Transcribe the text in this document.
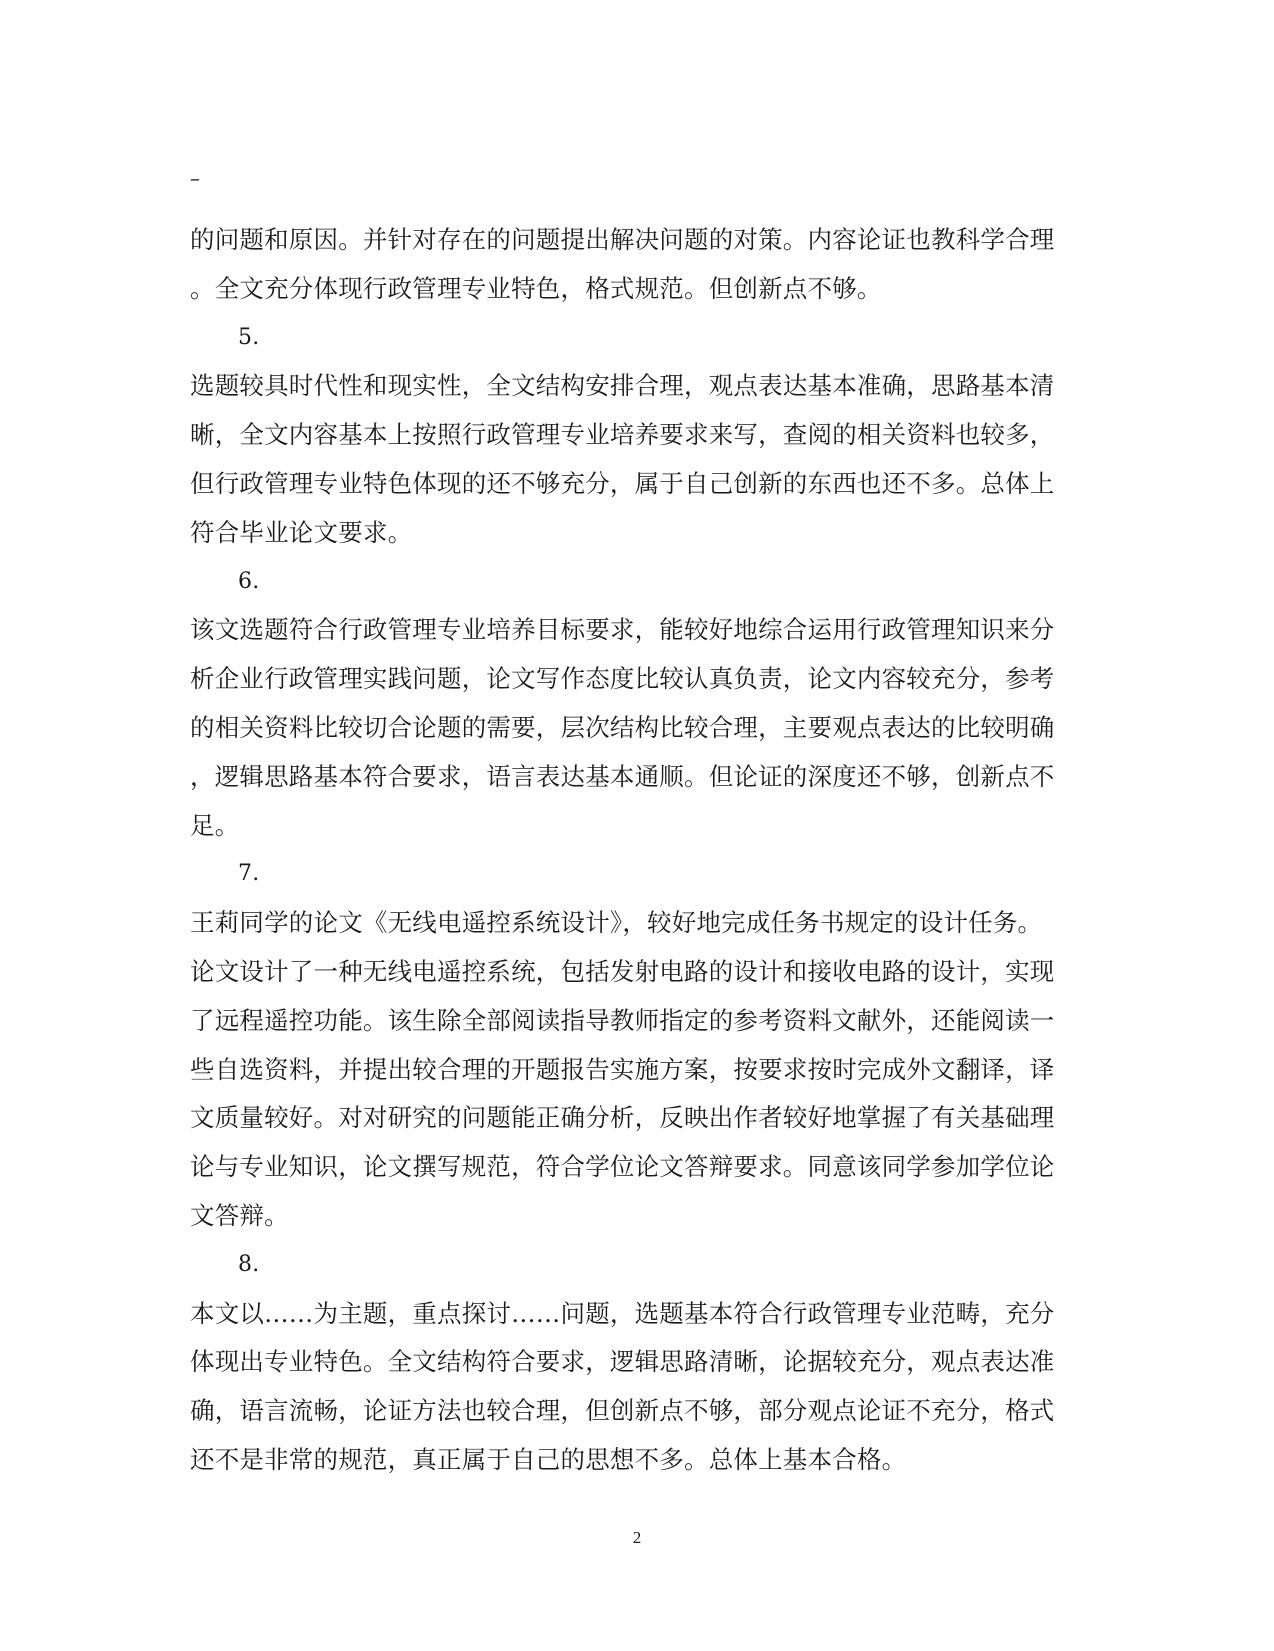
–
的问题和原因。并针对存在的问题提出解决问题的对策。内容论证也教科学合理
。全文充分体现行政管理专业特色，格式规范。但创新点不够。
5.
选题较具时代性和现实性，全文结构安排合理，观点表达基本准确，思路基本清
晰，全文内容基本上按照行政管理专业培养要求来写，查阅的相关资料也较多，
但行政管理专业特色体现的还不够充分，属于自己创新的东西也还不多。总体上
符合毕业论文要求。
6.
该文选题符合行政管理专业培养目标要求，能较好地综合运用行政管理知识来分
析企业行政管理实践问题，论文写作态度比较认真负责，论文内容较充分，参考
的相关资料比较切合论题的需要，层次结构比较合理，主要观点表达的比较明确
，逻辑思路基本符合要求，语言表达基本通顺。但论证的深度还不够，创新点不
足。
7.
王莉同学的论文《无线电遥控系统设计》，较好地完成任务书规定的设计任务。
论文设计了一种无线电遥控系统，包括发射电路的设计和接收电路的设计，实现
了远程遥控功能。该生除全部阅读指导教师指定的参考资料文献外，还能阅读一
些自选资料，并提出较合理的开题报告实施方案，按要求按时完成外文翻译，译
文质量较好。对对研究的问题能正确分析，反映出作者较好地掌握了有关基础理
论与专业知识，论文撰写规范，符合学位论文答辩要求。同意该同学参加学位论
文答辩。
8.
本文以……为主题，重点探讨……问题，选题基本符合行政管理专业范畴，充分
体现出专业特色。全文结构符合要求，逻辑思路清晰，论据较充分，观点表达准
确，语言流畅，论证方法也较合理，但创新点不够，部分观点论证不充分，格式
还不是非常的规范，真正属于自己的思想不多。总体上基本合格。
2
